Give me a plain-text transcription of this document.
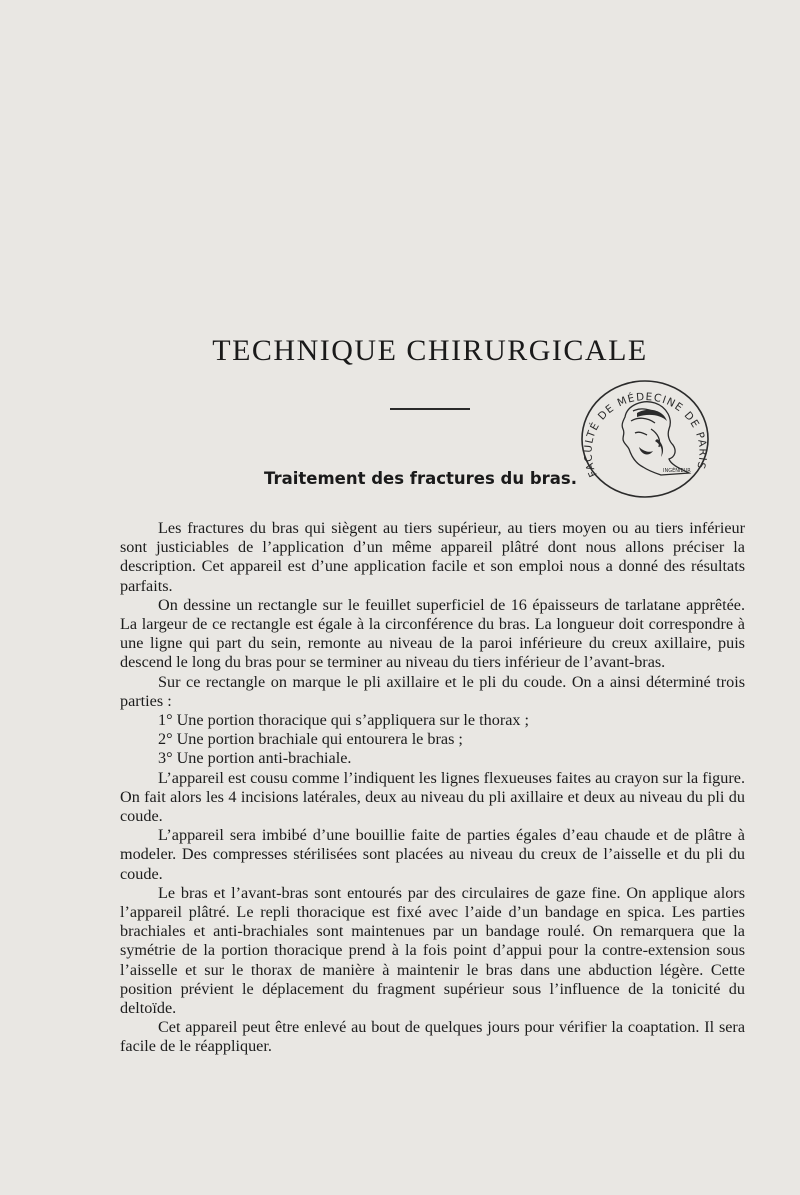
TECHNIQUE CHIRURGICALE
FACULTÉ DE MÉDECINE DE PARIS
INGÉNIEUR
Traitement des fractures du bras.

Les fractures du bras qui siègent au tiers supérieur, au tiers moyen ou au tiers inférieur sont justiciables de l’application d’un même appareil plâtré dont nous allons préciser la description. Cet appareil est d’une application facile et son emploi nous a donné des résultats parfaits.

On dessine un rectangle sur le feuillet superficiel de 16 épaisseurs de tarlatane apprêtée. La largeur de ce rectangle est égale à la circonférence du bras. La longueur doit correspondre à une ligne qui part du sein, remonte au niveau de la paroi inférieure du creux axillaire, puis descend le long du bras pour se terminer au niveau du tiers inférieur de l’avant-bras.

Sur ce rectangle on marque le pli axillaire et le pli du coude. On a ainsi déterminé trois parties :

1° Une portion thoracique qui s’appliquera sur le thorax ;

2° Une portion brachiale qui entourera le bras ;

3° Une portion anti-brachiale.

L’appareil est cousu comme l’indiquent les lignes flexueuses faites au crayon sur la figure. On fait alors les 4 incisions latérales, deux au niveau du pli axillaire et deux au niveau du pli du coude.

L’appareil sera imbibé d’une bouillie faite de parties égales d’eau chaude et de plâtre à modeler. Des compresses stérilisées sont placées au niveau du creux de l’aisselle et du pli du coude.

Le bras et l’avant-bras sont entourés par des circulaires de gaze fine. On applique alors l’appareil plâtré. Le repli thoracique est fixé avec l’aide d’un bandage en spica. Les parties brachiales et anti-brachiales sont maintenues par un bandage roulé. On remarquera que la symétrie de la portion thoracique prend à la fois point d’appui pour la contre-extension sous l’aisselle et sur le thorax de manière à maintenir le bras dans une abduction légère. Cette position prévient le déplacement du fragment supérieur sous l’influence de la tonicité du deltoïde.

Cet appareil peut être enlevé au bout de quelques jours pour vérifier la coaptation. Il sera facile de le réappliquer.
